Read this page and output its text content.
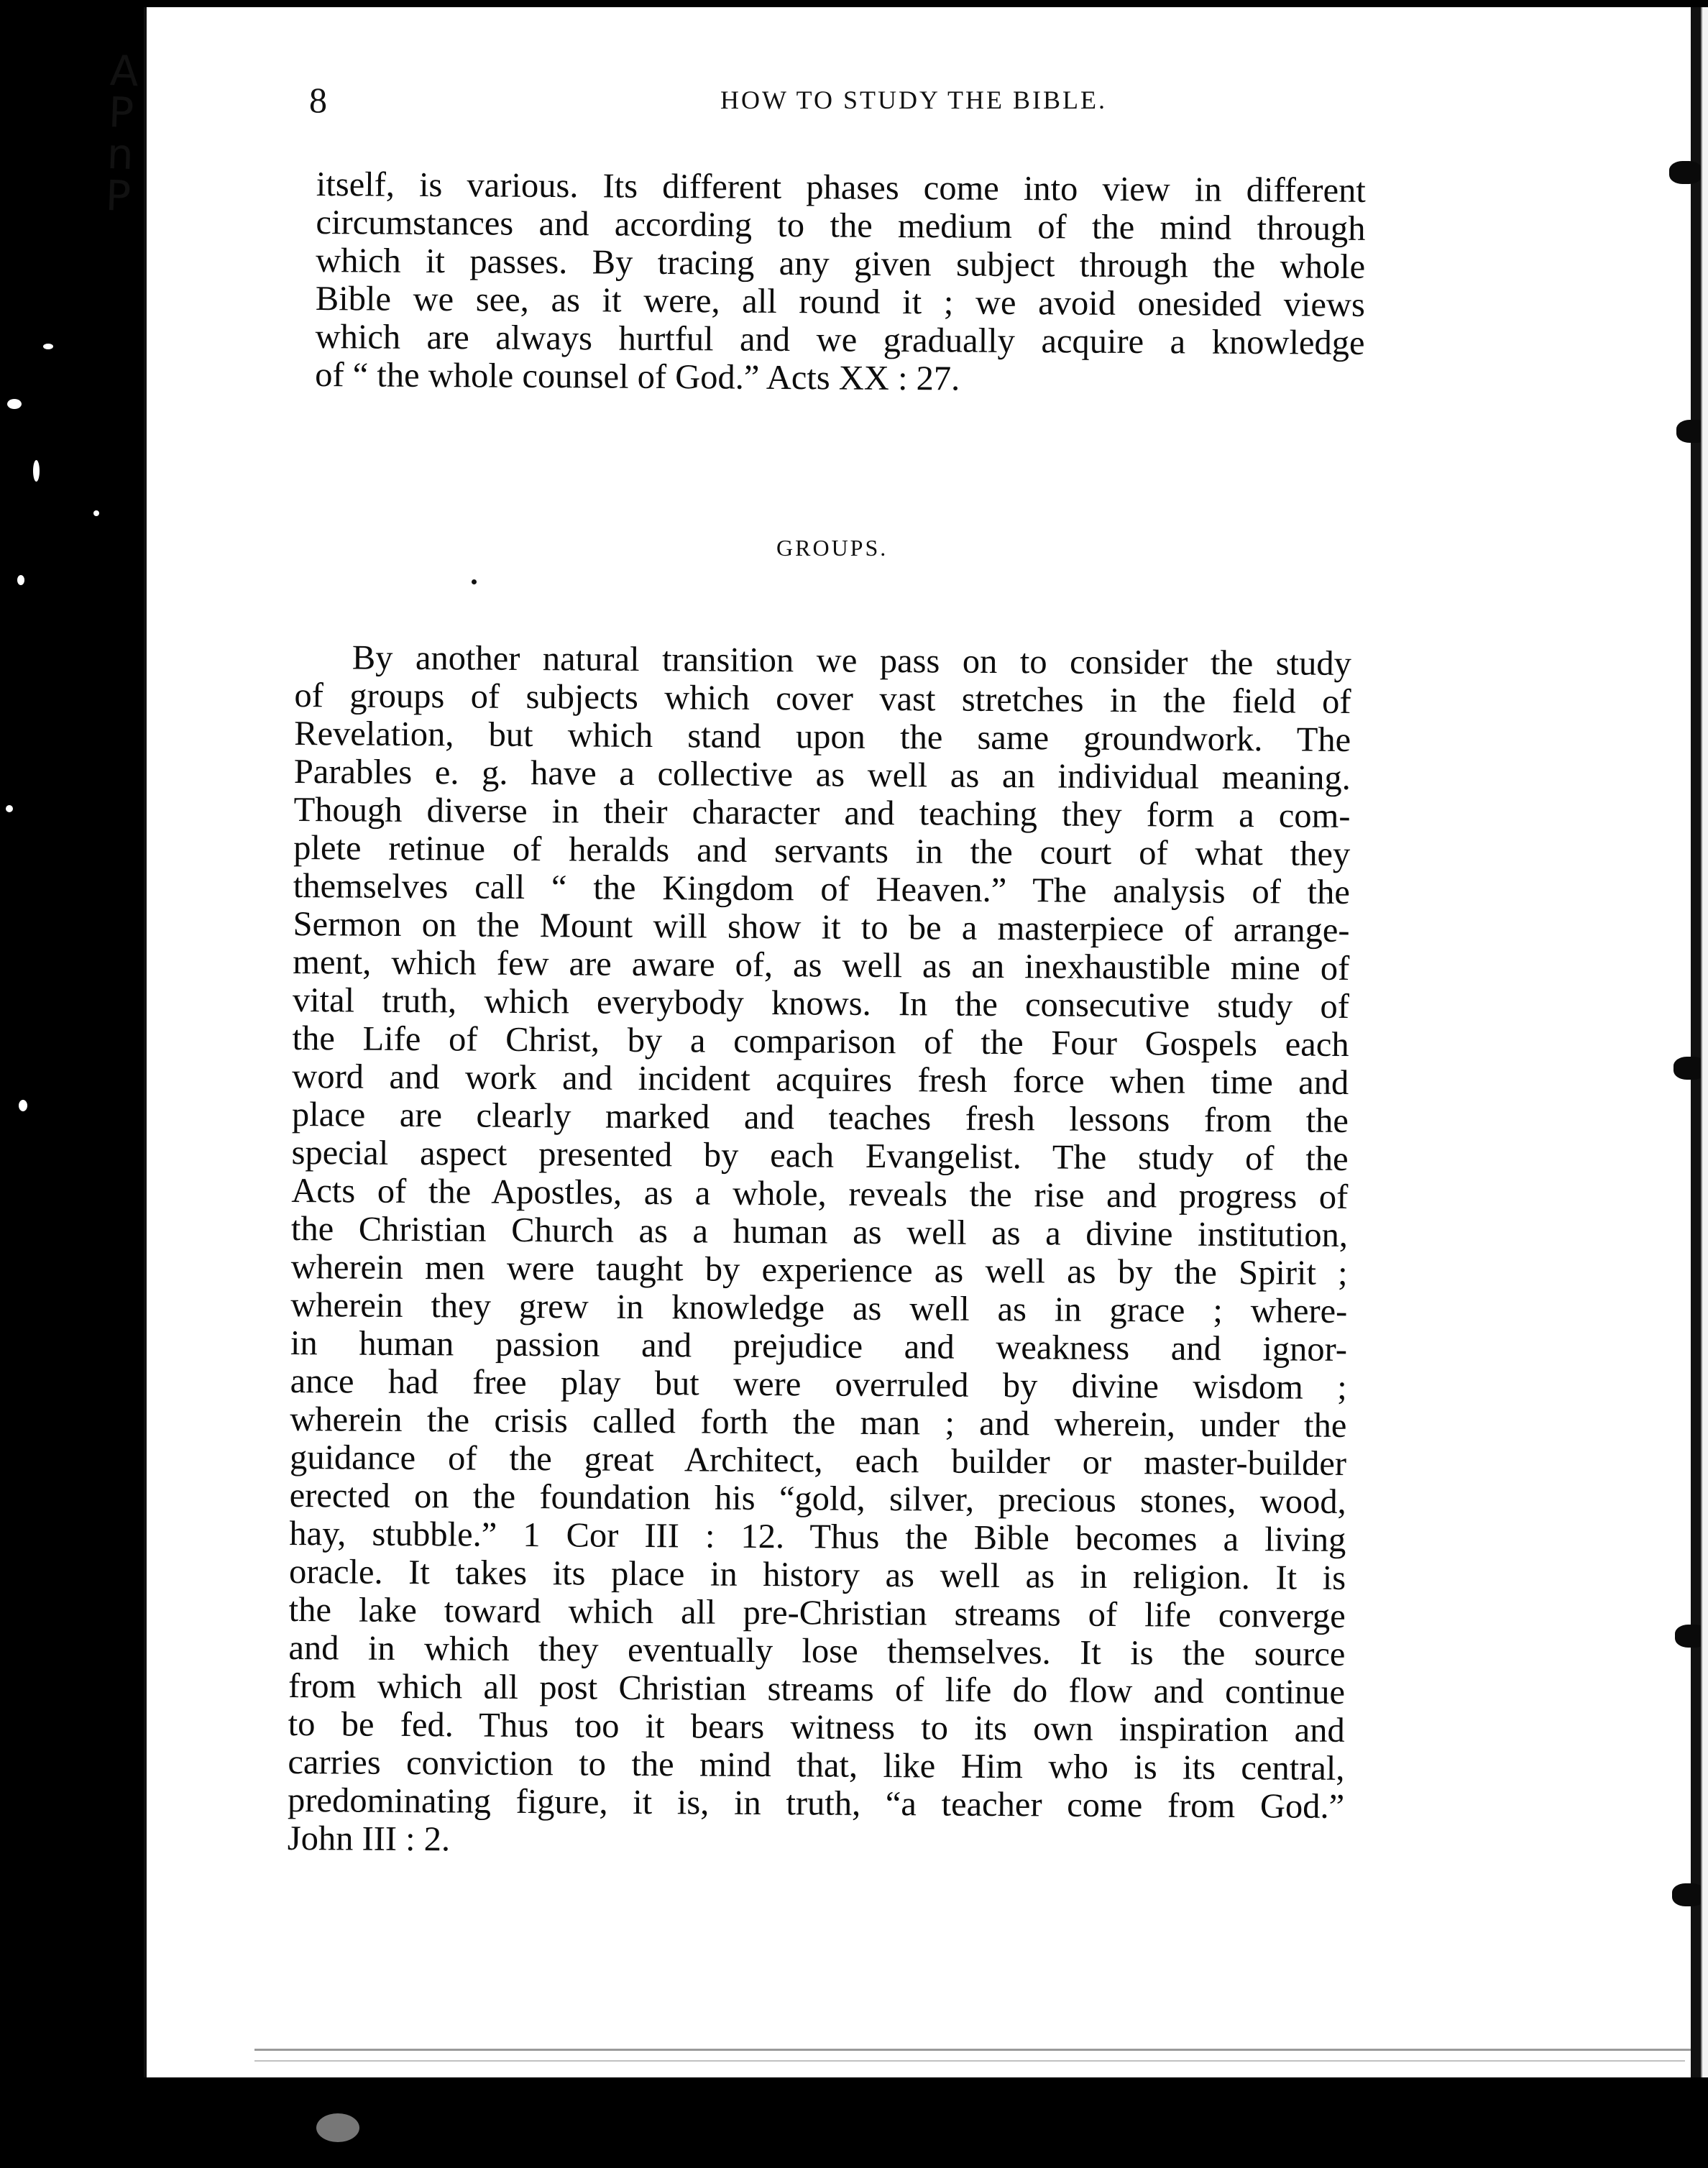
APnP
8	HOW TO STUDY THE BIBLE.

itself, is various. Its different phases come into view in different
circumstances and according to the medium of the mind through
which it passes. By tracing any given subject through the whole
Bible we see, as it were, all round it ; we avoid onesided views
which are always hurtful and we gradually acquire a knowledge
of “ the whole counsel of God.” Acts XX : 27.

GROUPS.

By another natural transition we pass on to consider the study
of groups of subjects which cover vast stretches in the field of
Revelation, but which stand upon the same groundwork. The
Parables e. g. have a collective as well as an individual meaning.
Though diverse in their character and teaching they form a com-
plete retinue of heralds and servants in the court of what they
themselves call “ the Kingdom of Heaven.” The analysis of the
Sermon on the Mount will show it to be a masterpiece of arrange-
ment, which few are aware of, as well as an inexhaustible mine of
vital truth, which everybody knows. In the consecutive study of
the Life of Christ, by a comparison of the Four Gospels each
word and work and incident acquires fresh force when time and
place are clearly marked and teaches fresh lessons from the
special aspect presented by each Evangelist. The study of the
Acts of the Apostles, as a whole, reveals the rise and progress of
the Christian Church as a human as well as a divine institution,
wherein men were taught by experience as well as by the Spirit ;
wherein they grew in knowledge as well as in grace ; where-
in human passion and prejudice and weakness and ignor-
ance had free play but were overruled by divine wisdom ;
wherein the crisis called forth the man ; and wherein, under the
guidance of the great Architect, each builder or master-builder
erected on the foundation his “gold, silver, precious stones, wood,
hay, stubble.” 1 Cor III : 12. Thus the Bible becomes a living
oracle. It takes its place in history as well as in religion. It is
the lake toward which all pre-Christian streams of life converge
and in which they eventually lose themselves. It is the source
from which all post Christian streams of life do flow and continue
to be fed. Thus too it bears witness to its own inspiration and
carries conviction to the mind that, like Him who is its central,
predominating figure, it is, in truth, “a teacher come from God.”
John III : 2.
